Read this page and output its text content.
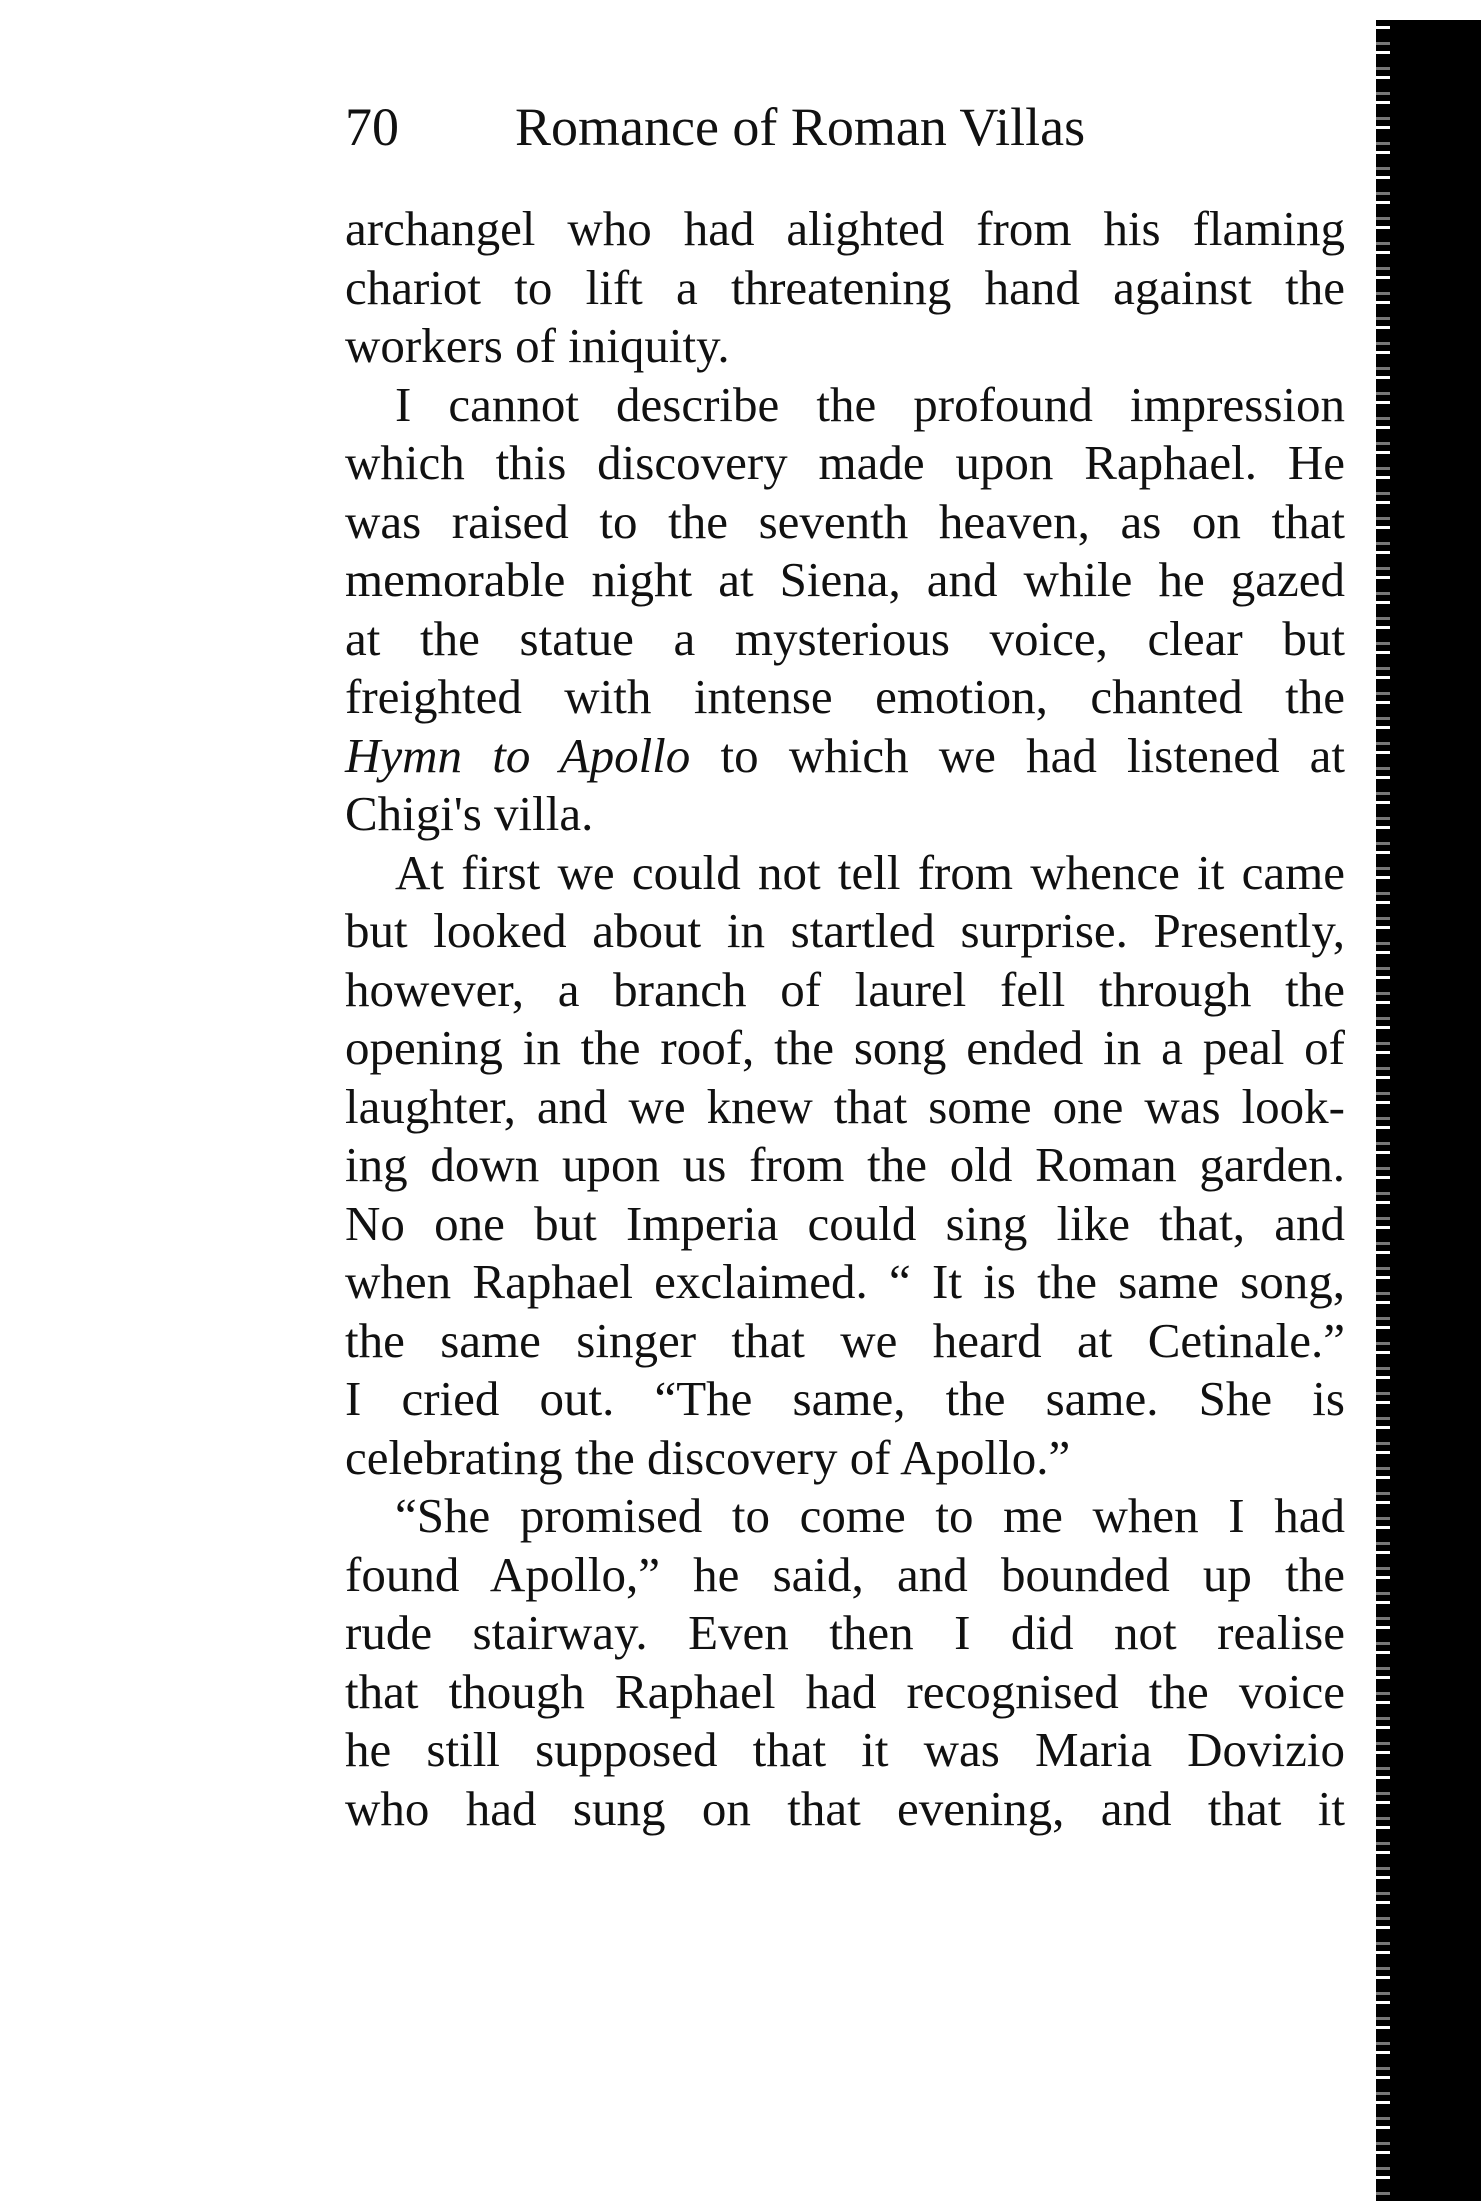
70 Romance of Roman Villas
archangel who had alighted from his flaming
chariot to lift a threatening hand against the
workers of iniquity.
I cannot describe the profound impression
which this discovery made upon Raphael. He
was raised to the seventh heaven, as on that
memorable night at Siena, and while he gazed
at the statue a mysterious voice, clear but
freighted with intense emotion, chanted the
Hymn to Apollo to which we had listened at
Chigi's villa.
At first we could not tell from whence it came
but looked about in startled surprise. Presently,
however, a branch of laurel fell through the
opening in the roof, the song ended in a peal of
laughter, and we knew that some one was look-
ing down upon us from the old Roman garden.
No one but Imperia could sing like that, and
when Raphael exclaimed. “ It is the same song,
the same singer that we heard at Cetinale.”
I cried out. “The same, the same. She is
celebrating the discovery of Apollo.”
“She promised to come to me when I had
found Apollo,” he said, and bounded up the
rude stairway. Even then I did not realise
that though Raphael had recognised the voice
he still supposed that it was Maria Dovizio
who had sung on that evening, and that it
